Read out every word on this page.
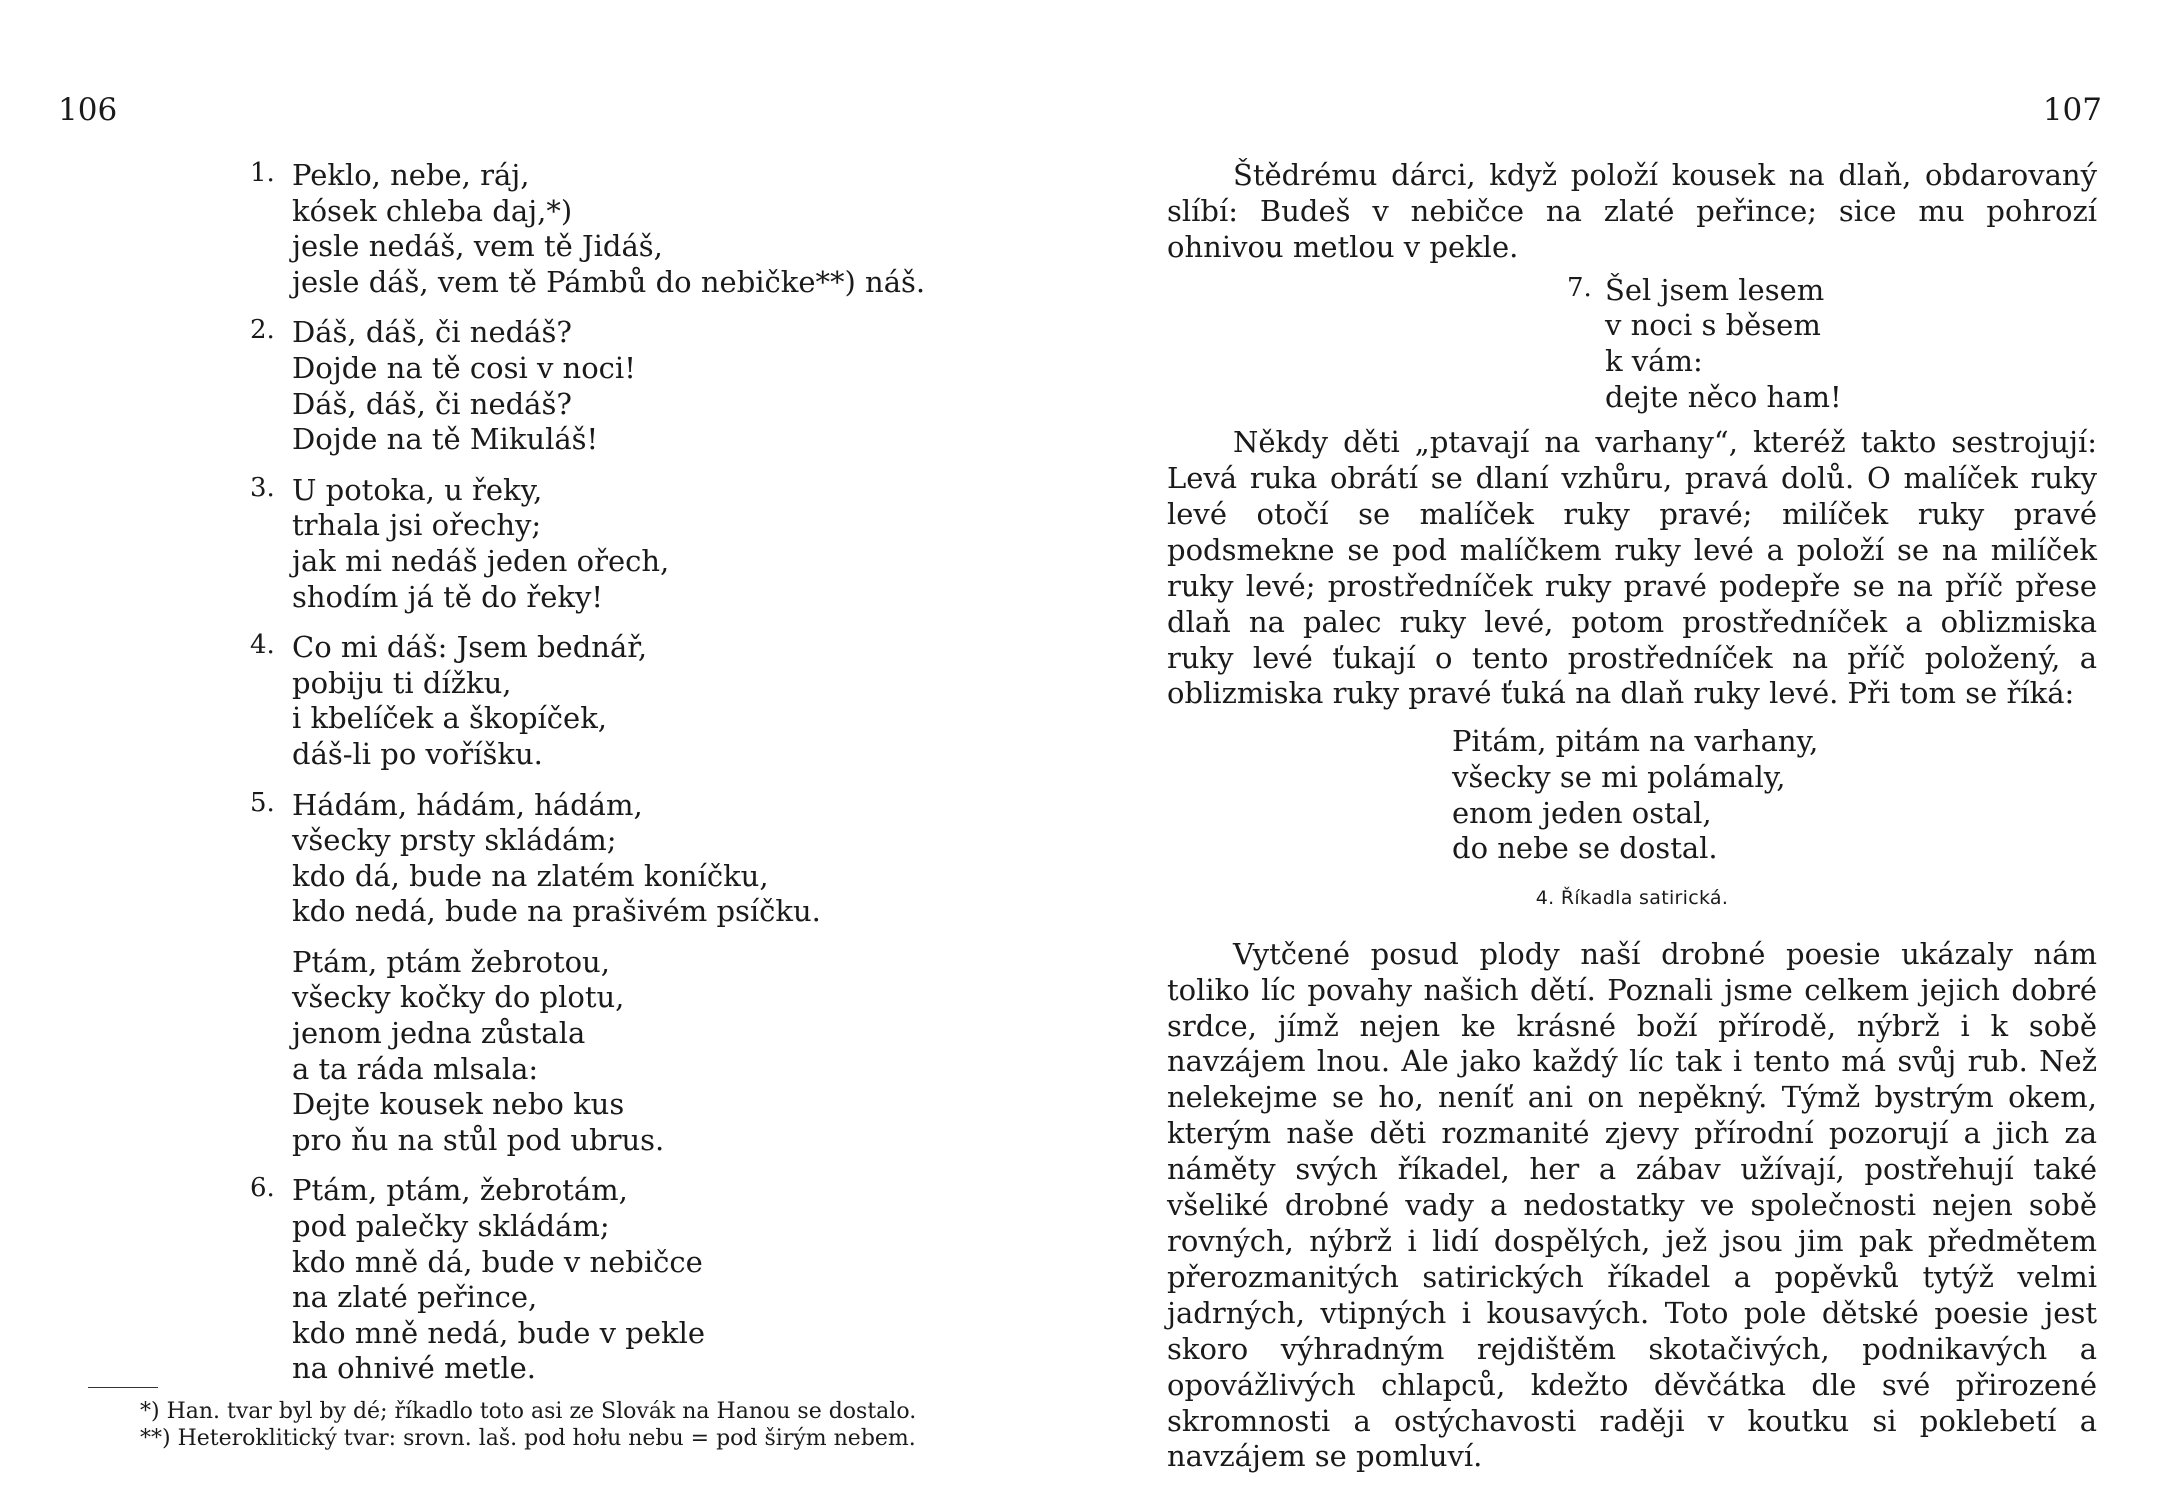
106
1. Peklo, nebe, ráj,
kósek chleba daj,*)
jesle nedáš, vem tě Jidáš,
jesle dáš, vem tě Pámbů do nebičke**) náš.
2. Dáš, dáš, či nedáš?
Dojde na tě cosi v noci!
Dáš, dáš, či nedáš?
Dojde na tě Mikuláš!
3. U potoka, u řeky,
trhala jsi ořechy;
jak mi nedáš jeden ořech,
shodím já tě do řeky!
4. Co mi dáš: Jsem bednář,
pobiju ti dížku,
i kbelíček a škopíček,
dáš-li po voříšku.
5. Hádám, hádám, hádám,
všecky prsty skládám;
kdo dá, bude na zlatém koníčku,
kdo nedá, bude na prašivém psíčku.
Ptám, ptám žebrotou,
všecky kočky do plotu,
jenom jedna zůstala
a ta ráda mlsala:
Dejte kousek nebo kus
pro ňu na stůl pod ubrus.
6. Ptám, ptám, žebrotám,
pod palečky skládám;
kdo mně dá, bude v nebičce
na zlaté peřince,
kdo mně nedá, bude v pekle
na ohnivé metle.
*) Han. tvar byl by dé; říkadlo toto asi ze Slovák na Hanou se dostalo.
**) Heteroklitický tvar: srovn. laš. pod hołu nebu = pod širým nebem.
107

Štědrému dárci, když položí kousek na dlaň, obdarovaný slíbí: Budeš v nebičce na zlaté peřince; sice mu pohrozí ohnivou metlou v pekle.

7. Šel jsem lesem
v noci s běsem
k vám:
dejte něco ham!

Někdy děti „ptavají na varhany“, kteréž takto sestrojují: Levá ruka obrátí se dlaní vzhůru, pravá dolů. O malíček ruky levé otočí se malíček ruky pravé; milíček ruky pravé podsmekne se pod malíčkem ruky levé a položí se na milíček ruky levé; prostředníček ruky pravé podepře se na příč přese dlaň na palec ruky levé, potom prostředníček a oblizmiska ruky levé ťukají o tento prostředníček na příč položený, a oblizmiska ruky pravé ťuká na dlaň ruky levé. Při tom se říká:

Pitám, pitám na varhany,
všecky se mi polámaly,
enom jeden ostal,
do nebe se dostal.
4. Říkadla satirická.

Vytčené posud plody naší drobné poesie ukázaly nám toliko líc povahy našich dětí. Poznali jsme celkem jejich dobré srdce, jímž nejen ke krásné boží přírodě, nýbrž i k sobě navzájem lnou. Ale jako každý líc tak i tento má svůj rub. Než nelekejme se ho, neníť ani on nepěkný. Týmž bystrým okem, kterým naše děti rozmanité zjevy přírodní pozorují a jich za náměty svých říkadel, her a zábav užívají, postřehují také všeliké drobné vady a nedostatky ve společnosti nejen sobě rovných, nýbrž i lidí dospělých, jež jsou jim pak předmětem přerozmanitých satirických říkadel a popěvků tytýž velmi jadrných, vtipných i kousavých. Toto pole dětské poesie jest skoro výhradným rejdištěm skotačivých, podnikavých a opovážlivých chlapců, kdežto děvčátka dle své přirozené skromnosti a ostýchavosti raději v koutku si poklebetí a navzájem se pomluví.
